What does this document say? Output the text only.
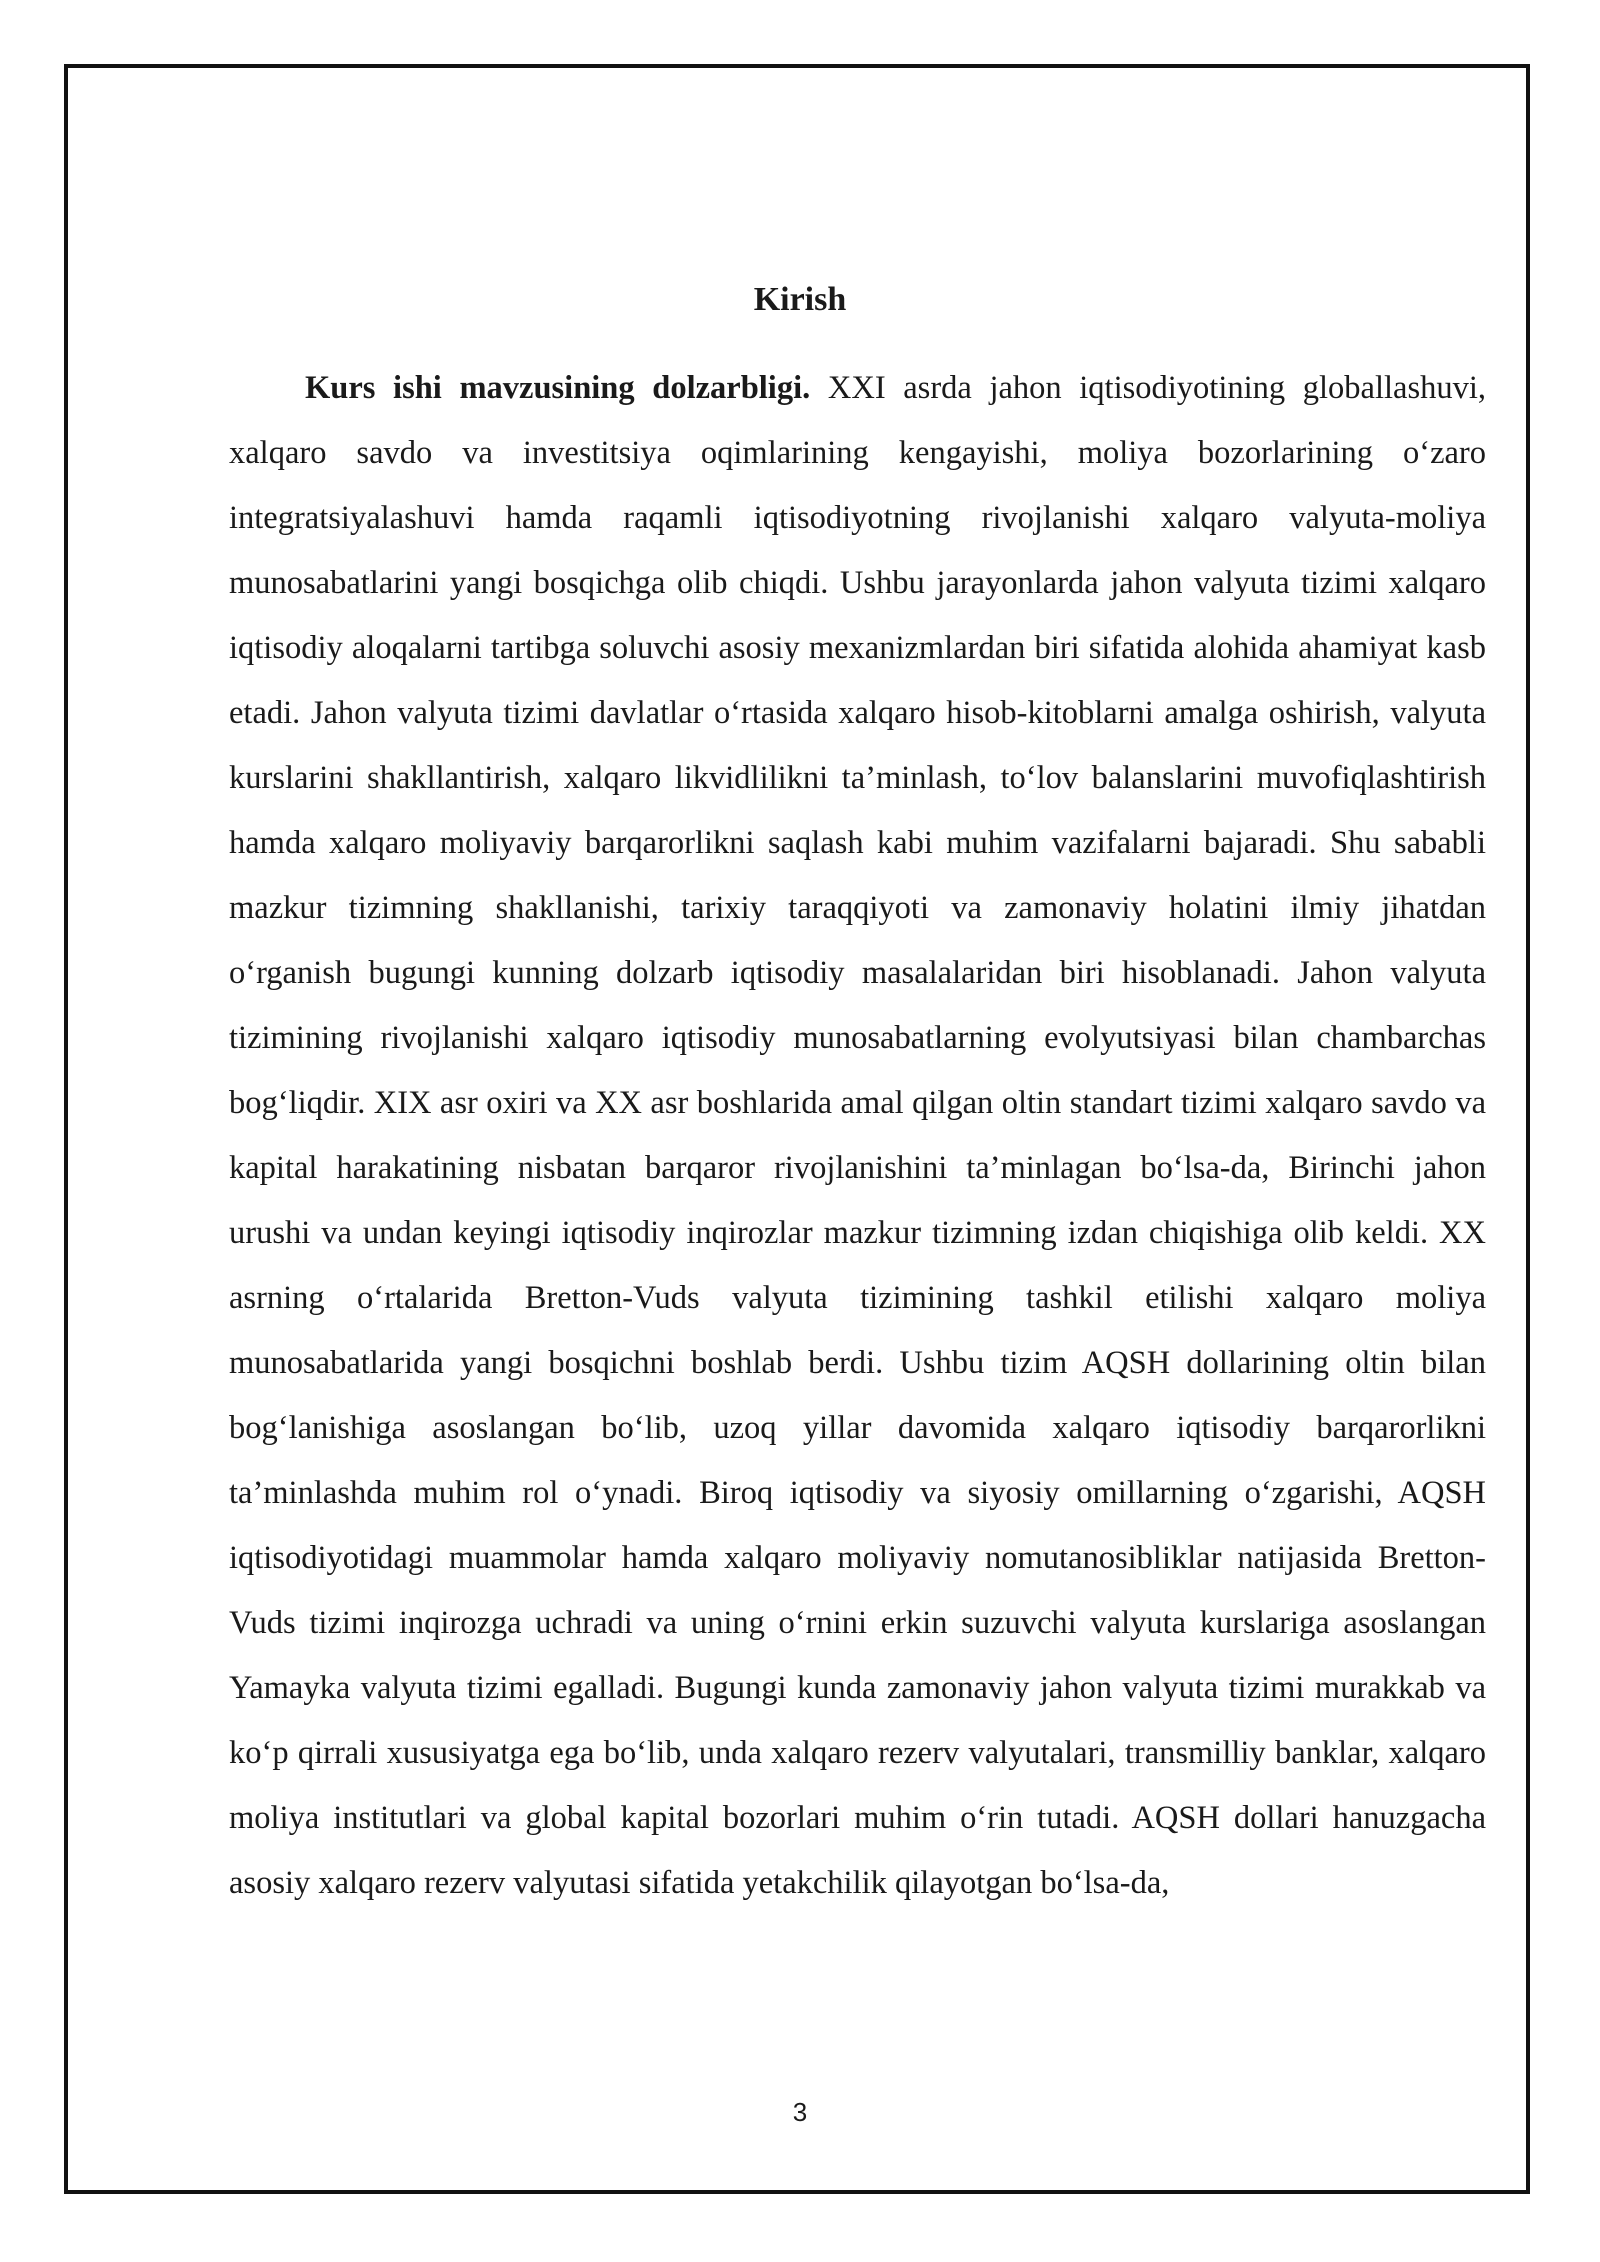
Kirish

Kurs ishi mavzusining dolzarbligi. XXI asrda jahon iqtisodiyotining globallashuvi, xalqaro savdo va investitsiya oqimlarining kengayishi, moliya bozorlarining o‘zaro integratsiyalashuvi hamda raqamli iqtisodiyotning rivojlanishi xalqaro valyuta-moliya munosabatlarini yangi bosqichga olib chiqdi. Ushbu jarayonlarda jahon valyuta tizimi xalqaro iqtisodiy aloqalarni tartibga soluvchi asosiy mexanizmlardan biri sifatida alohida ahamiyat kasb etadi. Jahon valyuta tizimi davlatlar o‘rtasida xalqaro hisob-kitoblarni amalga oshirish, valyuta kurslarini shakllantirish, xalqaro likvidlilikni ta’minlash, to‘lov balanslarini muvofiqlashtirish hamda xalqaro moliyaviy barqarorlikni saqlash kabi muhim vazifalarni bajaradi. Shu sababli mazkur tizimning shakllanishi, tarixiy taraqqiyoti va zamonaviy holatini ilmiy jihatdan o‘rganish bugungi kunning dolzarb iqtisodiy masalalaridan biri hisoblanadi. Jahon valyuta tizimining rivojlanishi xalqaro iqtisodiy munosabatlarning evolyutsiyasi bilan chambarchas bog‘liqdir. XIX asr oxiri va XX asr boshlarida amal qilgan oltin standart tizimi xalqaro savdo va kapital harakatining nisbatan barqaror rivojlanishini ta’minlagan bo‘lsa-da, Birinchi jahon urushi va undan keyingi iqtisodiy inqirozlar mazkur tizimning izdan chiqishiga olib keldi. XX asrning o‘rtalarida Bretton-Vuds valyuta tizimining tashkil etilishi xalqaro moliya munosabatlarida yangi bosqichni boshlab berdi. Ushbu tizim AQSH dollarining oltin bilan bog‘lanishiga asoslangan bo‘lib, uzoq yillar davomida xalqaro iqtisodiy barqarorlikni ta’minlashda muhim rol o‘ynadi. Biroq iqtisodiy va siyosiy omillarning o‘zgarishi, AQSH iqtisodiyotidagi muammolar hamda xalqaro moliyaviy nomutanosibliklar natijasida Bretton-Vuds tizimi inqirozga uchradi va uning o‘rnini erkin suzuvchi valyuta kurslariga asoslangan Yamayka valyuta tizimi egalladi. Bugungi kunda zamonaviy jahon valyuta tizimi murakkab va ko‘p qirrali xususiyatga ega bo‘lib, unda xalqaro rezerv valyutalari, transmilliy banklar, xalqaro moliya institutlari va global kapital bozorlari muhim o‘rin tutadi. AQSH dollari hanuzgacha asosiy xalqaro rezerv valyutasi sifatida yetakchilik qilayotgan bo‘lsa-da,

3
